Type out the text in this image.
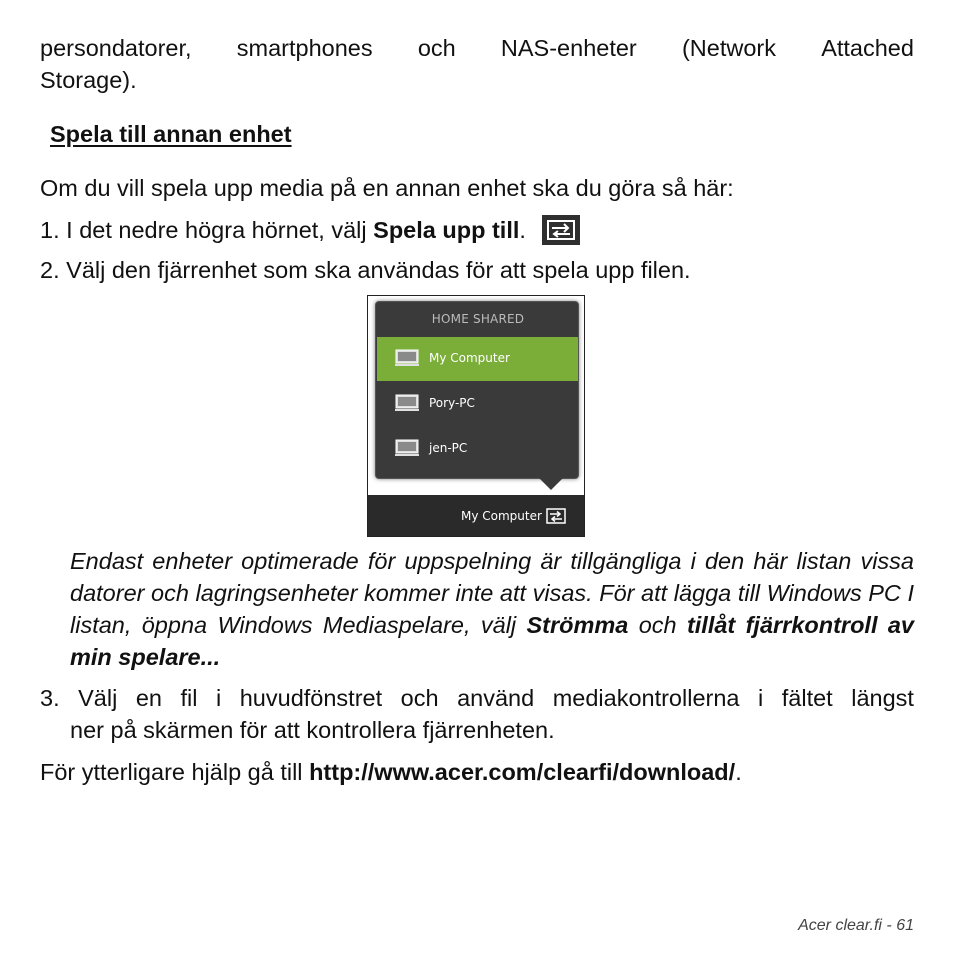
persondatorer, smartphones och NAS-enheter (Network Attached
Storage).
Spela till annan enhet
Om du vill spela upp media på en annan enhet ska du göra så här:
1. I det nedre högra hörnet, välj Spela upp till.
2. Välj den fjärrenhet som ska användas för att spela upp filen.
HOME SHARED
My Computer
Pory-PC
jen-PC
My Computer
Endast enheter optimerade för uppspelning är tillgängliga i den här listan vissa datorer och lagringsenheter kommer inte att visas. För att lägga till Windows PC I listan, öppna Windows Mediaspelare, välj Strömma och tillåt fjärrkontroll av min spelare...
3. Välj en fil i huvudfönstret och använd mediakontrollerna i fältet längst
ner på skärmen för att kontrollera fjärrenheten.
För ytterligare hjälp gå till http://www.acer.com/clearfi/download/.
Acer clear.fi - 61
